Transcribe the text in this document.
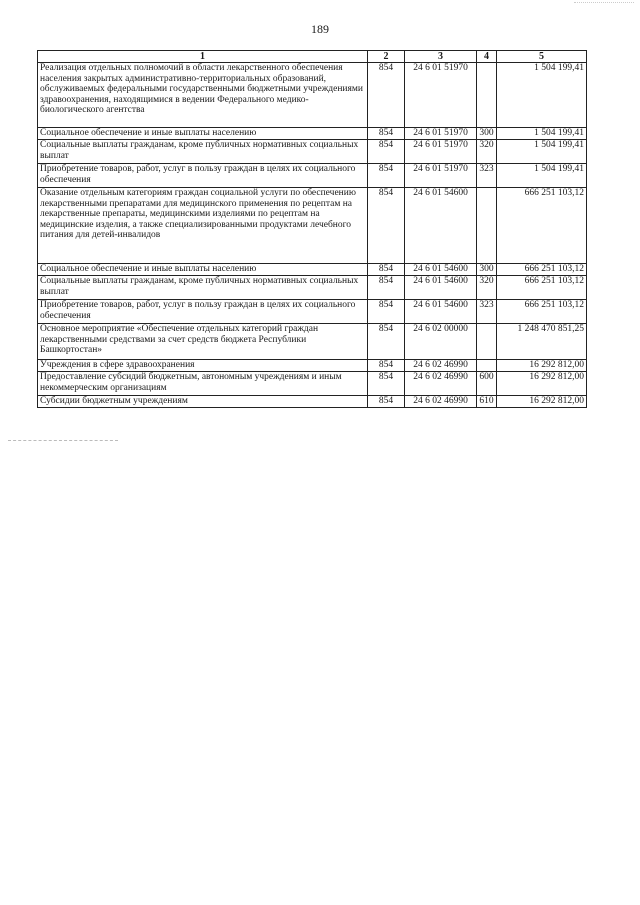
189
1	2	3	4	5
Реализация отдельных полномочий в области лекарственного обеспечения населения закрытых административно-территориальных образований, обслуживаемых федеральными государственными бюджетными учреждениями здравоохранения, находящимися в ведении Федерального медико-биологического агентства	854	24 6 01 51970		1 504 199,41
Социальное обеспечение и иные выплаты населению	854	24 6 01 51970	300	1 504 199,41
Социальные выплаты гражданам, кроме публичных нормативных социальных выплат	854	24 6 01 51970	320	1 504 199,41
Приобретение товаров, работ, услуг в пользу граждан в целях их социального обеспечения	854	24 6 01 51970	323	1 504 199,41
Оказание отдельным категориям граждан социальной услуги по обеспечению лекарственными препаратами для медицинского применения по рецептам на лекарственные препараты, медицинскими изделиями по рецептам на медицинские изделия, а также специализированными продуктами лечебного питания для детей-инвалидов	854	24 6 01 54600		666 251 103,12
Социальное обеспечение и иные выплаты населению	854	24 6 01 54600	300	666 251 103,12
Социальные выплаты гражданам, кроме публичных нормативных социальных выплат	854	24 6 01 54600	320	666 251 103,12
Приобретение товаров, работ, услуг в пользу граждан в целях их социального обеспечения	854	24 6 01 54600	323	666 251 103,12
Основное мероприятие «Обеспечение отдельных категорий граждан лекарственными средствами за счет средств бюджета Республики Башкортостан»	854	24 6 02 00000		1 248 470 851,25
Учреждения в сфере здравоохранения	854	24 6 02 46990		16 292 812,00
Предоставление субсидий бюджетным, автономным учреждениям и иным некоммерческим организациям	854	24 6 02 46990	600	16 292 812,00
Субсидии бюджетным учреждениям	854	24 6 02 46990	610	16 292 812,00
